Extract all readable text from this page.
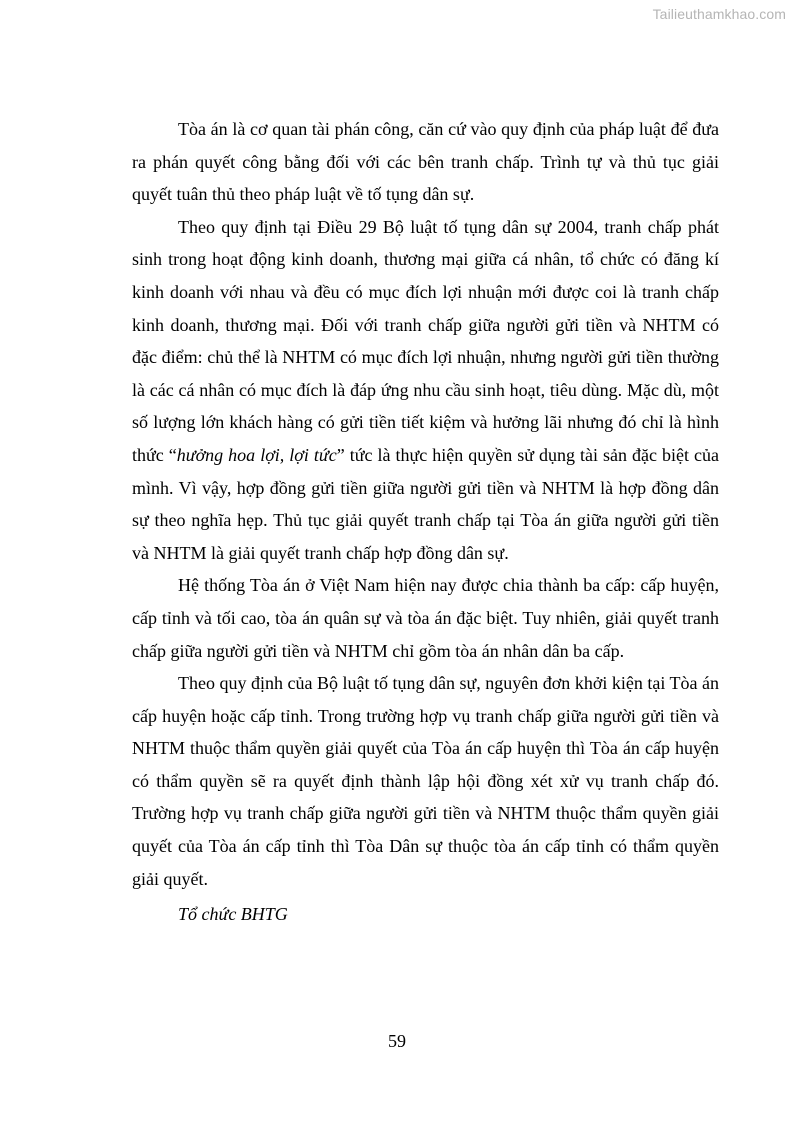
Tailieuthamkhao.com

Tòa án là cơ quan tài phán công, căn cứ vào quy định của pháp luật để đưa ra phán quyết công bằng đối với các bên tranh chấp. Trình tự và thủ tục giải quyết tuân thủ theo pháp luật về tố tụng dân sự.

Theo quy định tại Điều 29 Bộ luật tố tụng dân sự 2004, tranh chấp phát sinh trong hoạt động kinh doanh, thương mại giữa cá nhân, tổ chức có đăng kí kinh doanh với nhau và đều có mục đích lợi nhuận mới được coi là tranh chấp kinh doanh, thương mại. Đối với tranh chấp giữa người gửi tiền và NHTM có đặc điểm: chủ thể là NHTM có mục đích lợi nhuận, nhưng người gửi tiền thường là các cá nhân có mục đích là đáp ứng nhu cầu sinh hoạt, tiêu dùng. Mặc dù, một số lượng lớn khách hàng có gửi tiền tiết kiệm và hưởng lãi nhưng đó chỉ là hình thức “hưởng hoa lợi, lợi tức” tức là thực hiện quyền sử dụng tài sản đặc biệt của mình. Vì vậy, hợp đồng gửi tiền giữa người gửi tiền và NHTM là hợp đồng dân sự theo nghĩa hẹp. Thủ tục giải quyết tranh chấp tại Tòa án giữa người gửi tiền và NHTM là giải quyết tranh chấp hợp đồng dân sự.

Hệ thống Tòa án ở Việt Nam hiện nay được chia thành ba cấp: cấp huyện, cấp tỉnh và tối cao, tòa án quân sự và tòa án đặc biệt. Tuy nhiên, giải quyết tranh chấp giữa người gửi tiền và NHTM chỉ gồm tòa án nhân dân ba cấp.

Theo quy định của Bộ luật tố tụng dân sự, nguyên đơn khởi kiện tại Tòa án cấp huyện hoặc cấp tỉnh. Trong trường hợp vụ tranh chấp giữa người gửi tiền và NHTM thuộc thẩm quyền giải quyết của Tòa án cấp huyện thì Tòa án cấp huyện có thẩm quyền sẽ ra quyết định thành lập hội đồng xét xử vụ tranh chấp đó. Trường hợp vụ tranh chấp giữa người gửi tiền và NHTM thuộc thẩm quyền giải quyết của Tòa án cấp tỉnh thì Tòa Dân sự thuộc tòa án cấp tỉnh có thẩm quyền giải quyết.

Tổ chức BHTG

59
